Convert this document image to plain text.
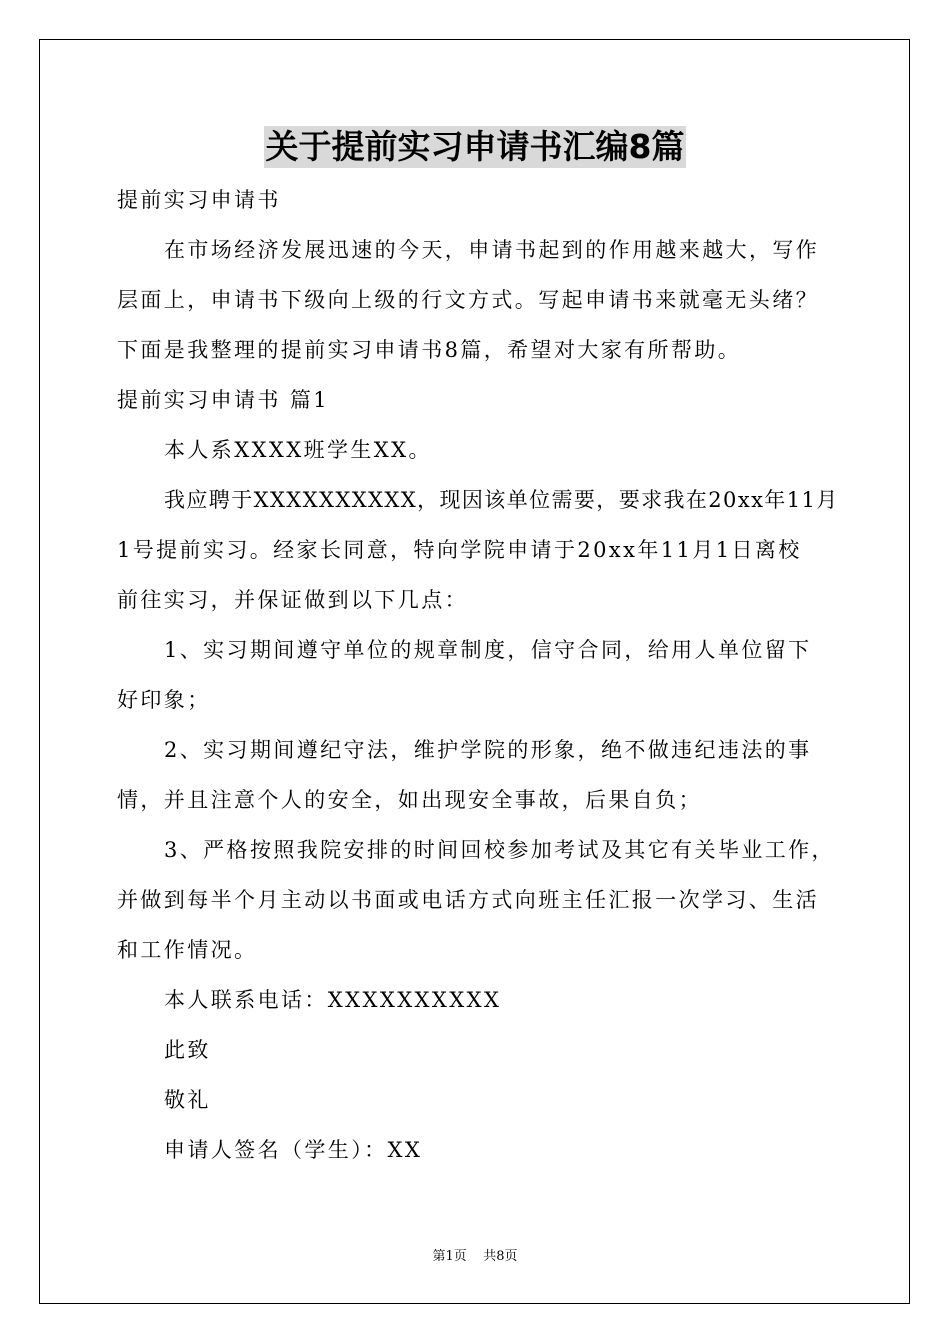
关于提前实习申请书汇编8篇
提前实习申请书
在市场经济发展迅速的今天，申请书起到的作用越来越大，写作
层面上，申请书下级向上级的行文方式。写起申请书来就毫无头绪？
下面是我整理的提前实习申请书8篇，希望对大家有所帮助。
提前实习申请书 篇1
本人系XXXX班学生XX。
我应聘于XXXXXXXXXX，现因该单位需要，要求我在20xx年11月
1号提前实习。经家长同意，特向学院申请于20xx年11月1日离校
前往实习，并保证做到以下几点：
1、实习期间遵守单位的规章制度，信守合同，给用人单位留下
好印象；
2、实习期间遵纪守法，维护学院的形象，绝不做违纪违法的事
情，并且注意个人的安全，如出现安全事故，后果自负；
3、严格按照我院安排的时间回校参加考试及其它有关毕业工作，
并做到每半个月主动以书面或电话方式向班主任汇报一次学习、生活
和工作情况。
本人联系电话：XXXXXXXXXX
此致
敬礼
申请人签名（学生）：XX
第1页 共8页
